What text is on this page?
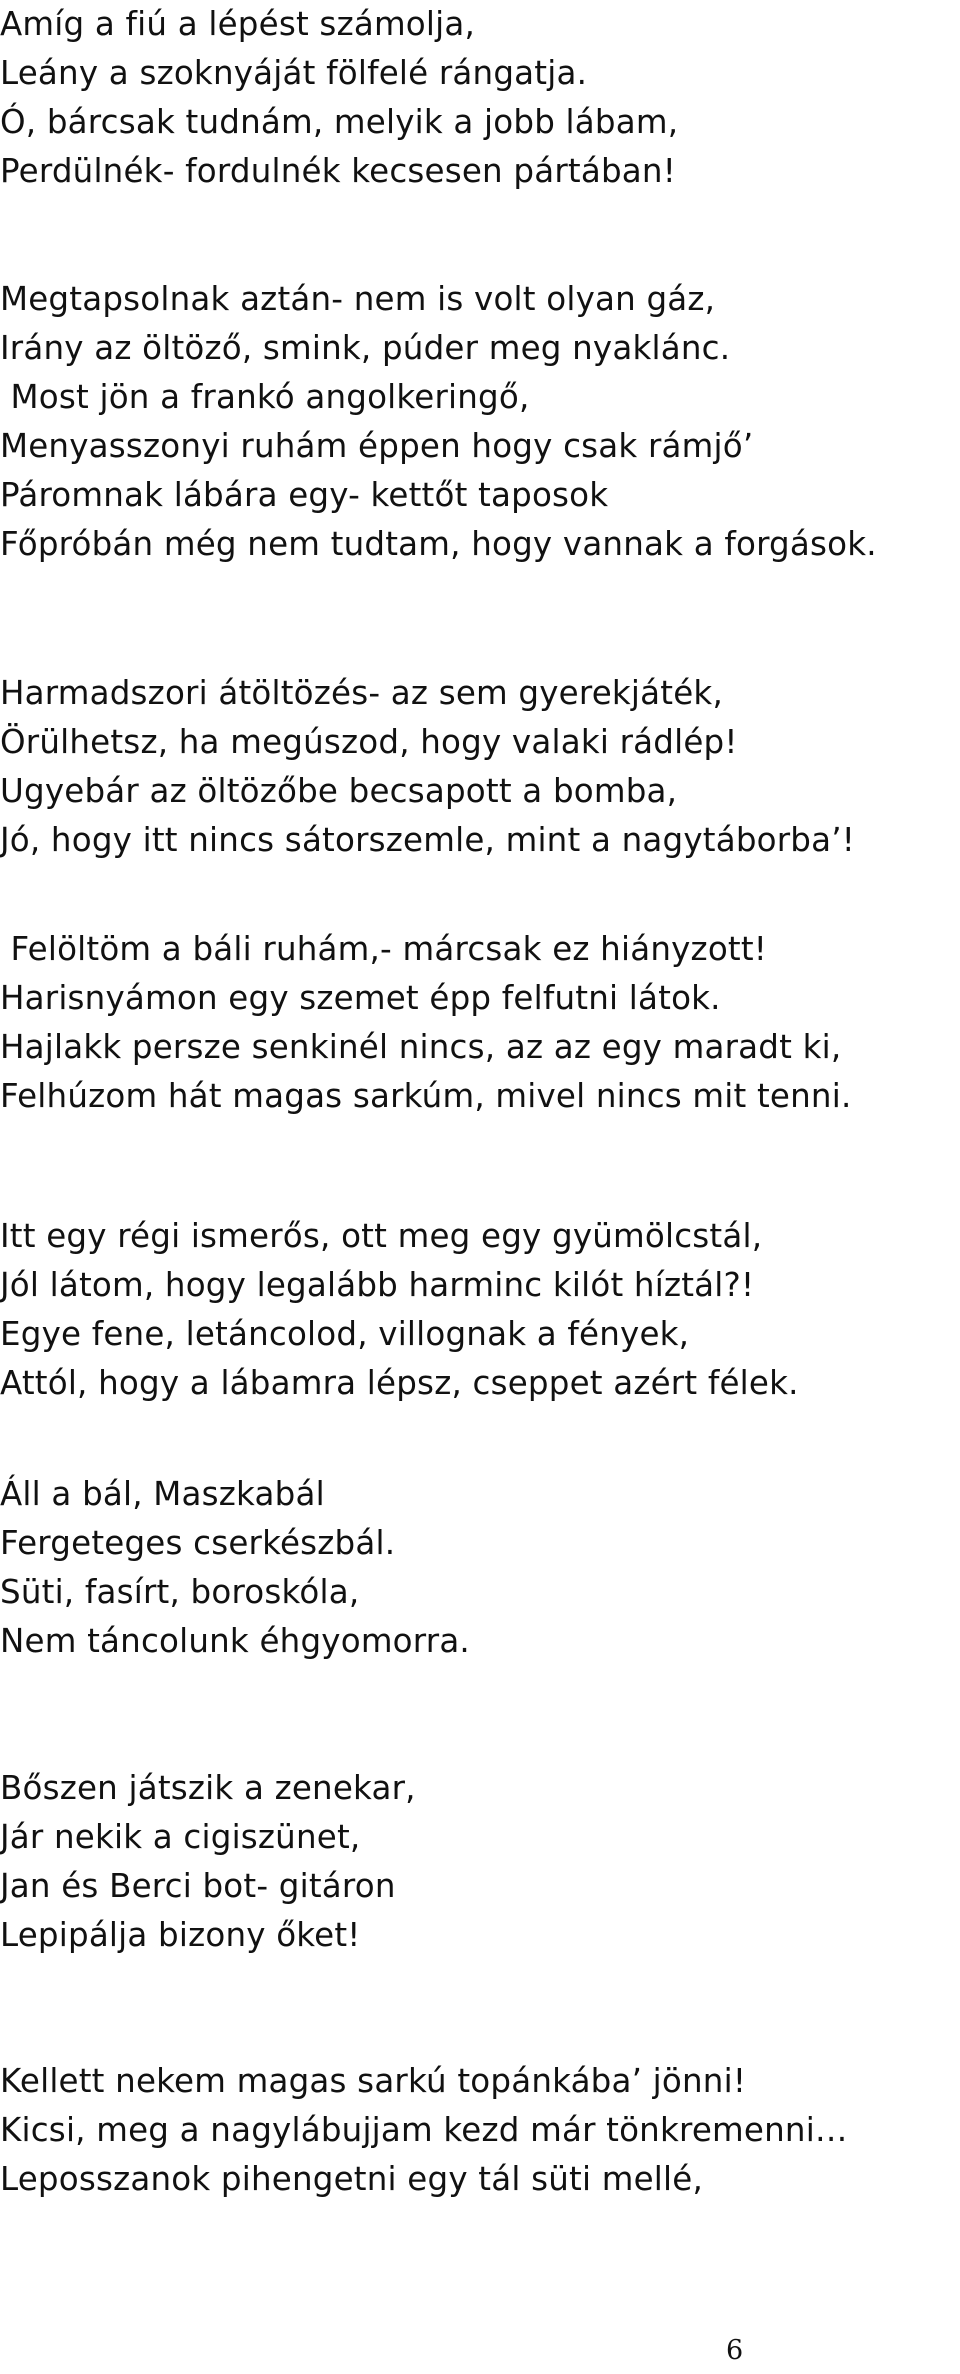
Amíg a fiú a lépést számolja,
Leány a szoknyáját fölfelé rángatja.
Ó, bárcsak tudnám, melyik a jobb lábam,
Perdülnék- fordulnék kecsesen pártában!
Megtapsolnak aztán- nem is volt olyan gáz,
Irány az öltöző, smink, púder meg nyaklánc.
Most jön a frankó angolkeringő,
Menyasszonyi ruhám éppen hogy csak rámjő’
Páromnak lábára egy- kettőt taposok
Főpróbán még nem tudtam, hogy vannak a forgások.
Harmadszori átöltözés- az sem gyerekjáték,
Örülhetsz, ha megúszod, hogy valaki rádlép!
Ugyebár az öltözőbe becsapott a bomba,
Jó, hogy itt nincs sátorszemle, mint a nagytáborba’!
Felöltöm a báli ruhám,- márcsak ez hiányzott!
Harisnyámon egy szemet épp felfutni látok.
Hajlakk persze senkinél nincs, az az egy maradt ki,
Felhúzom hát magas sarkúm, mivel nincs mit tenni.
Itt egy régi ismerős, ott meg egy gyümölcstál,
Jól látom, hogy legalább harminc kilót híztál?!
Egye fene, letáncolod, villognak a fények,
Attól, hogy a lábamra lépsz, cseppet azért félek.
Áll a bál, Maszkabál
Fergeteges cserkészbál.
Süti, fasírt, boroskóla,
Nem táncolunk éhgyomorra.
Bőszen játszik a zenekar,
Jár nekik a cigiszünet,
Jan és Berci bot- gitáron
Lepipálja bizony őket!
Kellett nekem magas sarkú topánkába’ jönni!
Kicsi, meg a nagylábujjam kezd már tönkremenni…
Leposszanok pihengetni egy tál süti mellé,
6
